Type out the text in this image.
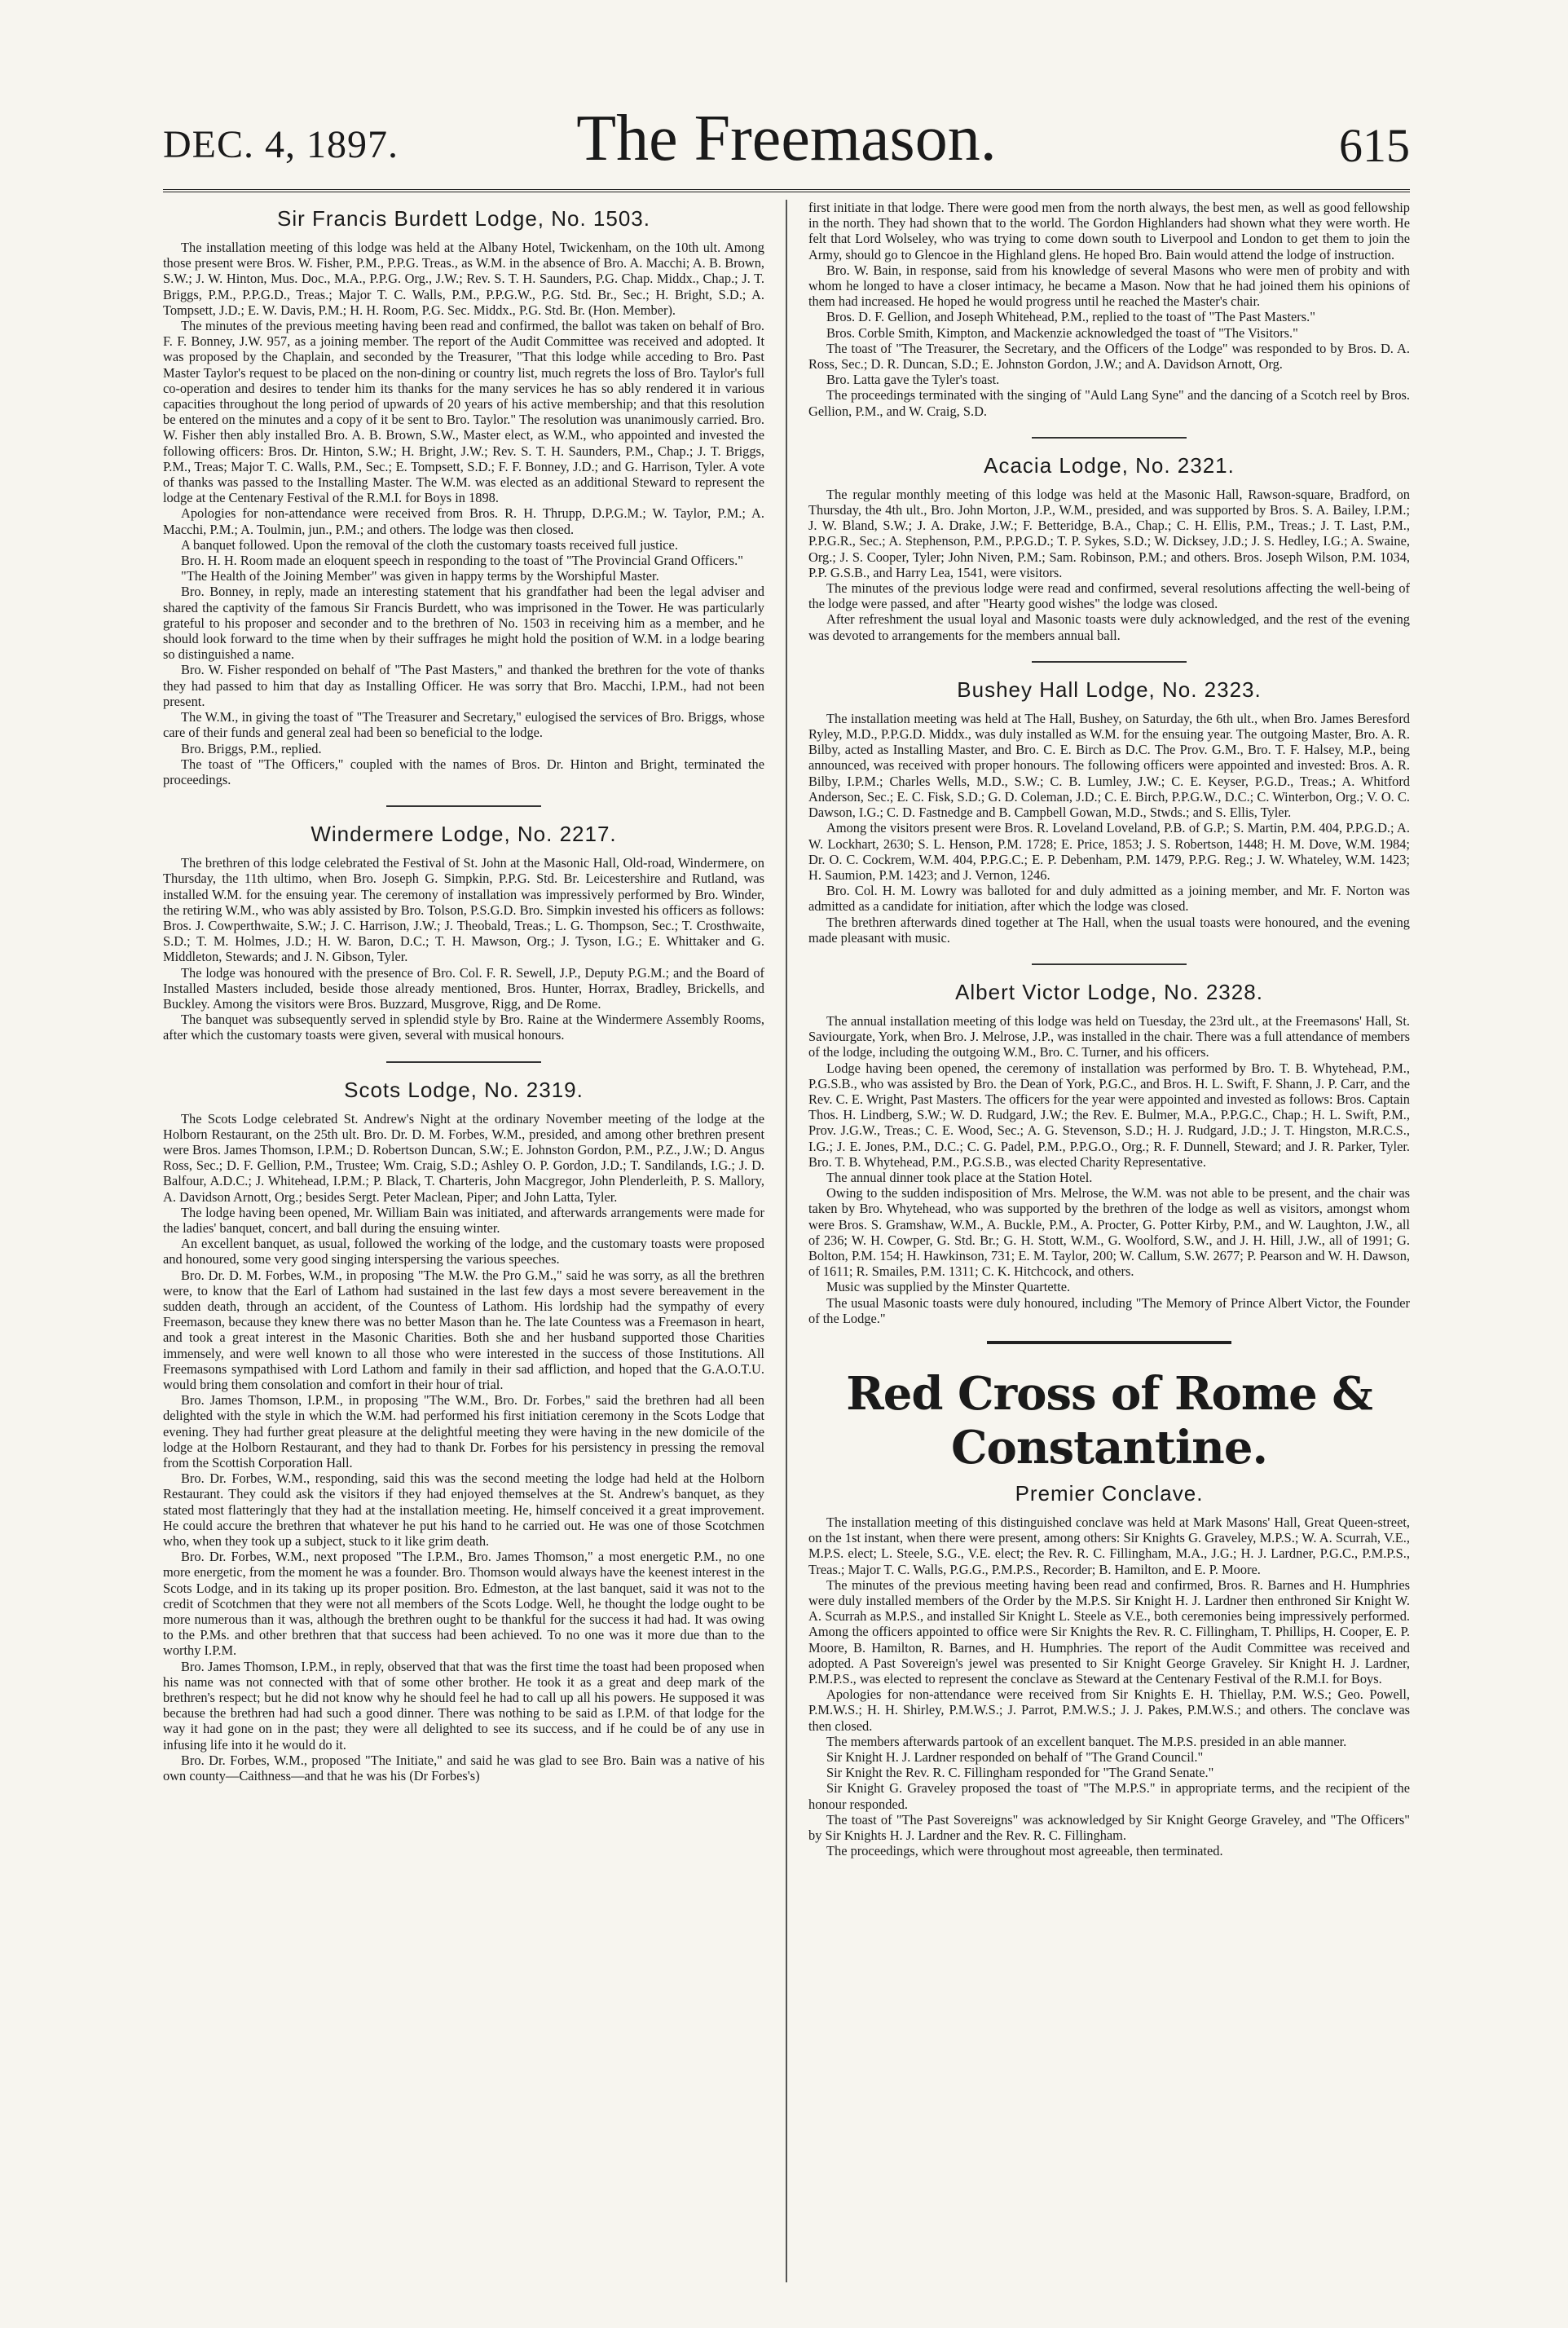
DEC. 4, 1897.	The Freemason.	615
Sir Francis Burdett Lodge, No. 1503.

The installation meeting of this lodge was held at the Albany Hotel, Twickenham, on the 10th ult. Among those present were Bros. W. Fisher, P.M., P.P.G. Treas., as W.M. in the absence of Bro. A. Macchi; A. B. Brown, S.W.; J. W. Hinton, Mus. Doc., M.A., P.P.G. Org., J.W.; Rev. S. T. H. Saunders, P.G. Chap. Middx., Chap.; J. T. Briggs, P.M., P.P.G.D., Treas.; Major T. C. Walls, P.M., P.P.G.W., P.G. Std. Br., Sec.; H. Bright, S.D.; A. Tompsett, J.D.; E. W. Davis, P.M.; H. H. Room, P.G. Sec. Middx., P.G. Std. Br. (Hon. Member).

The minutes of the previous meeting having been read and confirmed, the ballot was taken on behalf of Bro. F. F. Bonney, J.W. 957, as a joining member. The report of the Audit Committee was received and adopted. It was proposed by the Chaplain, and seconded by the Treasurer, "That this lodge while acceding to Bro. Past Master Taylor's request to be placed on the non-dining or country list, much regrets the loss of Bro. Taylor's full co-operation and desires to tender him its thanks for the many services he has so ably rendered it in various capacities throughout the long period of upwards of 20 years of his active membership; and that this resolution be entered on the minutes and a copy of it be sent to Bro. Taylor." The resolution was unanimously carried. Bro. W. Fisher then ably installed Bro. A. B. Brown, S.W., Master elect, as W.M., who appointed and invested the following officers: Bros. Dr. Hinton, S.W.; H. Bright, J.W.; Rev. S. T. H. Saunders, P.M., Chap.; J. T. Briggs, P.M., Treas; Major T. C. Walls, P.M., Sec.; E. Tompsett, S.D.; F. F. Bonney, J.D.; and G. Harrison, Tyler. A vote of thanks was passed to the Installing Master. The W.M. was elected as an additional Steward to represent the lodge at the Centenary Festival of the R.M.I. for Boys in 1898.

Apologies for non-attendance were received from Bros. R. H. Thrupp, D.P.G.M.; W. Taylor, P.M.; A. Macchi, P.M.; A. Toulmin, jun., P.M.; and others. The lodge was then closed.

A banquet followed. Upon the removal of the cloth the customary toasts received full justice.

Bro. H. H. Room made an eloquent speech in responding to the toast of "The Provincial Grand Officers."

"The Health of the Joining Member" was given in happy terms by the Worshipful Master.

Bro. Bonney, in reply, made an interesting statement that his grandfather had been the legal adviser and shared the captivity of the famous Sir Francis Burdett, who was imprisoned in the Tower. He was particularly grateful to his proposer and seconder and to the brethren of No. 1503 in receiving him as a member, and he should look forward to the time when by their suffrages he might hold the position of W.M. in a lodge bearing so distinguished a name.

Bro. W. Fisher responded on behalf of "The Past Masters," and thanked the brethren for the vote of thanks they had passed to him that day as Installing Officer. He was sorry that Bro. Macchi, I.P.M., had not been present.

The W.M., in giving the toast of "The Treasurer and Secretary," eulogised the services of Bro. Briggs, whose care of their funds and general zeal had been so beneficial to the lodge.

Bro. Briggs, P.M., replied.

The toast of "The Officers," coupled with the names of Bros. Dr. Hinton and Bright, terminated the proceedings.

Windermere Lodge, No. 2217.

The brethren of this lodge celebrated the Festival of St. John at the Masonic Hall, Old-road, Windermere, on Thursday, the 11th ultimo, when Bro. Joseph G. Simpkin, P.P.G. Std. Br. Leicestershire and Rutland, was installed W.M. for the ensuing year. The ceremony of installation was impressively performed by Bro. Winder, the retiring W.M., who was ably assisted by Bro. Tolson, P.S.G.D. Bro. Simpkin invested his officers as follows: Bros. J. Cowperthwaite, S.W.; J. C. Harrison, J.W.; J. Theobald, Treas.; L. G. Thompson, Sec.; T. Crosthwaite, S.D.; T. M. Holmes, J.D.; H. W. Baron, D.C.; T. H. Mawson, Org.; J. Tyson, I.G.; E. Whittaker and G. Middleton, Stewards; and J. N. Gibson, Tyler.

The lodge was honoured with the presence of Bro. Col. F. R. Sewell, J.P., Deputy P.G.M.; and the Board of Installed Masters included, beside those already mentioned, Bros. Hunter, Horrax, Bradley, Brickells, and Buckley. Among the visitors were Bros. Buzzard, Musgrove, Rigg, and De Rome.

The banquet was subsequently served in splendid style by Bro. Raine at the Windermere Assembly Rooms, after which the customary toasts were given, several with musical honours.

Scots Lodge, No. 2319.

The Scots Lodge celebrated St. Andrew's Night at the ordinary November meeting of the lodge at the Holborn Restaurant, on the 25th ult. Bro. Dr. D. M. Forbes, W.M., presided, and among other brethren present were Bros. James Thomson, I.P.M.; D. Robertson Duncan, S.W.; E. Johnston Gordon, P.M., P.Z., J.W.; D. Angus Ross, Sec.; D. F. Gellion, P.M., Trustee; Wm. Craig, S.D.; Ashley O. P. Gordon, J.D.; T. Sandilands, I.G.; J. D. Balfour, A.D.C.; J. Whitehead, I.P.M.; P. Black, T. Charteris, John Macgregor, John Plenderleith, P. S. Mallory, A. Davidson Arnott, Org.; besides Sergt. Peter Maclean, Piper; and John Latta, Tyler.

The lodge having been opened, Mr. William Bain was initiated, and afterwards arrangements were made for the ladies' banquet, concert, and ball during the ensuing winter.

An excellent banquet, as usual, followed the working of the lodge, and the customary toasts were proposed and honoured, some very good singing interspersing the various speeches.

Bro. Dr. D. M. Forbes, W.M., in proposing "The M.W. the Pro G.M.," said he was sorry, as all the brethren were, to know that the Earl of Lathom had sustained in the last few days a most severe bereavement in the sudden death, through an accident, of the Countess of Lathom. His lordship had the sympathy of every Freemason, because they knew there was no better Mason than he. The late Countess was a Freemason in heart, and took a great interest in the Masonic Charities. Both she and her husband supported those Charities immensely, and were well known to all those who were interested in the success of those Institutions. All Freemasons sympathised with Lord Lathom and family in their sad affliction, and hoped that the G.A.O.T.U. would bring them consolation and comfort in their hour of trial.

Bro. James Thomson, I.P.M., in proposing "The W.M., Bro. Dr. Forbes," said the brethren had all been delighted with the style in which the W.M. had performed his first initiation ceremony in the Scots Lodge that evening. They had further great pleasure at the delightful meeting they were having in the new domicile of the lodge at the Holborn Restaurant, and they had to thank Dr. Forbes for his persistency in pressing the removal from the Scottish Corporation Hall.

Bro. Dr. Forbes, W.M., responding, said this was the second meeting the lodge had held at the Holborn Restaurant. They could ask the visitors if they had enjoyed themselves at the St. Andrew's banquet, as they stated most flatteringly that they had at the installation meeting. He, himself conceived it a great improvement. He could accure the brethren that whatever he put his hand to he carried out. He was one of those Scotchmen who, when they took up a subject, stuck to it like grim death.

Bro. Dr. Forbes, W.M., next proposed "The I.P.M., Bro. James Thomson," a most energetic P.M., no one more energetic, from the moment he was a founder. Bro. Thomson would always have the keenest interest in the Scots Lodge, and in its taking up its proper position. Bro. Edmeston, at the last banquet, said it was not to the credit of Scotchmen that they were not all members of the Scots Lodge. Well, he thought the lodge ought to be more numerous than it was, although the brethren ought to be thankful for the success it had had. It was owing to the P.Ms. and other brethren that that success had been achieved. To no one was it more due than to the worthy I.P.M.

Bro. James Thomson, I.P.M., in reply, observed that that was the first time the toast had been proposed when his name was not connected with that of some other brother. He took it as a great and deep mark of the brethren's respect; but he did not know why he should feel he had to call up all his powers. He supposed it was because the brethren had had such a good dinner. There was nothing to be said as I.P.M. of that lodge for the way it had gone on in the past; they were all delighted to see its success, and if he could be of any use in infusing life into it he would do it.

Bro. Dr. Forbes, W.M., proposed "The Initiate," and said he was glad to see Bro. Bain was a native of his own county—Caithness—and that he was his (Dr Forbes's)

first initiate in that lodge. There were good men from the north always, the best men, as well as good fellowship in the north. They had shown that to the world. The Gordon Highlanders had shown what they were worth. He felt that Lord Wolseley, who was trying to come down south to Liverpool and London to get them to join the Army, should go to Glencoe in the Highland glens. He hoped Bro. Bain would attend the lodge of instruction.

Bro. W. Bain, in response, said from his knowledge of several Masons who were men of probity and with whom he longed to have a closer intimacy, he became a Mason. Now that he had joined them his opinions of them had increased. He hoped he would progress until he reached the Master's chair.

Bros. D. F. Gellion, and Joseph Whitehead, P.M., replied to the toast of "The Past Masters."

Bros. Corble Smith, Kimpton, and Mackenzie acknowledged the toast of "The Visitors."

The toast of "The Treasurer, the Secretary, and the Officers of the Lodge" was responded to by Bros. D. A. Ross, Sec.; D. R. Duncan, S.D.; E. Johnston Gordon, J.W.; and A. Davidson Arnott, Org.

Bro. Latta gave the Tyler's toast.

The proceedings terminated with the singing of "Auld Lang Syne" and the dancing of a Scotch reel by Bros. Gellion, P.M., and W. Craig, S.D.

Acacia Lodge, No. 2321.

The regular monthly meeting of this lodge was held at the Masonic Hall, Rawson-square, Bradford, on Thursday, the 4th ult., Bro. John Morton, J.P., W.M., presided, and was supported by Bros. S. A. Bailey, I.P.M.; J. W. Bland, S.W.; J. A. Drake, J.W.; F. Betteridge, B.A., Chap.; C. H. Ellis, P.M., Treas.; J. T. Last, P.M., P.P.G.R., Sec.; A. Stephenson, P.M., P.P.G.D.; T. P. Sykes, S.D.; W. Dicksey, J.D.; J. S. Hedley, I.G.; A. Swaine, Org.; J. S. Cooper, Tyler; John Niven, P.M.; Sam. Robinson, P.M.; and others. Bros. Joseph Wilson, P.M. 1034, P.P. G.S.B., and Harry Lea, 1541, were visitors.

The minutes of the previous lodge were read and confirmed, several resolutions affecting the well-being of the lodge were passed, and after "Hearty good wishes" the lodge was closed.

After refreshment the usual loyal and Masonic toasts were duly acknowledged, and the rest of the evening was devoted to arrangements for the members annual ball.

Bushey Hall Lodge, No. 2323.

The installation meeting was held at The Hall, Bushey, on Saturday, the 6th ult., when Bro. James Beresford Ryley, M.D., P.P.G.D. Middx., was duly installed as W.M. for the ensuing year. The outgoing Master, Bro. A. R. Bilby, acted as Installing Master, and Bro. C. E. Birch as D.C. The Prov. G.M., Bro. T. F. Halsey, M.P., being announced, was received with proper honours. The following officers were appointed and invested: Bros. A. R. Bilby, I.P.M.; Charles Wells, M.D., S.W.; C. B. Lumley, J.W.; C. E. Keyser, P.G.D., Treas.; A. Whitford Anderson, Sec.; E. C. Fisk, S.D.; G. D. Coleman, J.D.; C. E. Birch, P.P.G.W., D.C.; C. Winterbon, Org.; V. O. C. Dawson, I.G.; C. D. Fastnedge and B. Campbell Gowan, M.D., Stwds.; and S. Ellis, Tyler.

Among the visitors present were Bros. R. Loveland Loveland, P.B. of G.P.; S. Martin, P.M. 404, P.P.G.D.; A. W. Lockhart, 2630; S. L. Henson, P.M. 1728; E. Price, 1853; J. S. Robertson, 1448; H. M. Dove, W.M. 1984; Dr. O. C. Cockrem, W.M. 404, P.P.G.C.; E. P. Debenham, P.M. 1479, P.P.G. Reg.; J. W. Whateley, W.M. 1423; H. Saumion, P.M. 1423; and J. Vernon, 1246.

Bro. Col. H. M. Lowry was balloted for and duly admitted as a joining member, and Mr. F. Norton was admitted as a candidate for initiation, after which the lodge was closed.

The brethren afterwards dined together at The Hall, when the usual toasts were honoured, and the evening made pleasant with music.

Albert Victor Lodge, No. 2328.

The annual installation meeting of this lodge was held on Tuesday, the 23rd ult., at the Freemasons' Hall, St. Saviourgate, York, when Bro. J. Melrose, J.P., was installed in the chair. There was a full attendance of members of the lodge, including the outgoing W.M., Bro. C. Turner, and his officers.

Lodge having been opened, the ceremony of installation was performed by Bro. T. B. Whytehead, P.M., P.G.S.B., who was assisted by Bro. the Dean of York, P.G.C., and Bros. H. L. Swift, F. Shann, J. P. Carr, and the Rev. C. E. Wright, Past Masters. The officers for the year were appointed and invested as follows: Bros. Captain Thos. H. Lindberg, S.W.; W. D. Rudgard, J.W.; the Rev. E. Bulmer, M.A., P.P.G.C., Chap.; H. L. Swift, P.M., Prov. J.G.W., Treas.; C. E. Wood, Sec.; A. G. Stevenson, S.D.; H. J. Rudgard, J.D.; J. T. Hingston, M.R.C.S., I.G.; J. E. Jones, P.M., D.C.; C. G. Padel, P.M., P.P.G.O., Org.; R. F. Dunnell, Steward; and J. R. Parker, Tyler. Bro. T. B. Whytehead, P.M., P.G.S.B., was elected Charity Representative.

The annual dinner took place at the Station Hotel.

Owing to the sudden indisposition of Mrs. Melrose, the W.M. was not able to be present, and the chair was taken by Bro. Whytehead, who was supported by the brethren of the lodge as well as visitors, amongst whom were Bros. S. Gramshaw, W.M., A. Buckle, P.M., A. Procter, G. Potter Kirby, P.M., and W. Laughton, J.W., all of 236; W. H. Cowper, G. Std. Br.; G. H. Stott, W.M., G. Woolford, S.W., and J. H. Hill, J.W., all of 1991; G. Bolton, P.M. 154; H. Hawkinson, 731; E. M. Taylor, 200; W. Callum, S.W. 2677; P. Pearson and W. H. Dawson, of 1611; R. Smailes, P.M. 1311; C. K. Hitchcock, and others.

Music was supplied by the Minster Quartette.

The usual Masonic toasts were duly honoured, including "The Memory of Prince Albert Victor, the Founder of the Lodge."

Red Cross of Rome & Constantine.
Premier Conclave.

The installation meeting of this distinguished conclave was held at Mark Masons' Hall, Great Queen-street, on the 1st instant, when there were present, among others: Sir Knights G. Graveley, M.P.S.; W. A. Scurrah, V.E., M.P.S. elect; L. Steele, S.G., V.E. elect; the Rev. R. C. Fillingham, M.A., J.G.; H. J. Lardner, P.G.C., P.M.P.S., Treas.; Major T. C. Walls, P.G.G., P.M.P.S., Recorder; B. Hamilton, and E. P. Moore.

The minutes of the previous meeting having been read and confirmed, Bros. R. Barnes and H. Humphries were duly installed members of the Order by the M.P.S. Sir Knight H. J. Lardner then enthroned Sir Knight W. A. Scurrah as M.P.S., and installed Sir Knight L. Steele as V.E., both ceremonies being impressively performed. Among the officers appointed to office were Sir Knights the Rev. R. C. Fillingham, T. Phillips, H. Cooper, E. P. Moore, B. Hamilton, R. Barnes, and H. Humphries. The report of the Audit Committee was received and adopted. A Past Sovereign's jewel was presented to Sir Knight George Graveley. Sir Knight H. J. Lardner, P.M.P.S., was elected to represent the conclave as Steward at the Centenary Festival of the R.M.I. for Boys.

Apologies for non-attendance were received from Sir Knights E. H. Thiellay, P.M. W.S.; Geo. Powell, P.M.W.S.; H. H. Shirley, P.M.W.S.; J. Parrot, P.M.W.S.; J. J. Pakes, P.M.W.S.; and others. The conclave was then closed.

The members afterwards partook of an excellent banquet. The M.P.S. presided in an able manner.

Sir Knight H. J. Lardner responded on behalf of "The Grand Council."

Sir Knight the Rev. R. C. Fillingham responded for "The Grand Senate."

Sir Knight G. Graveley proposed the toast of "The M.P.S." in appropriate terms, and the recipient of the honour responded.

The toast of "The Past Sovereigns" was acknowledged by Sir Knight George Graveley, and "The Officers" by Sir Knights H. J. Lardner and the Rev. R. C. Fillingham.

The proceedings, which were throughout most agreeable, then terminated.
